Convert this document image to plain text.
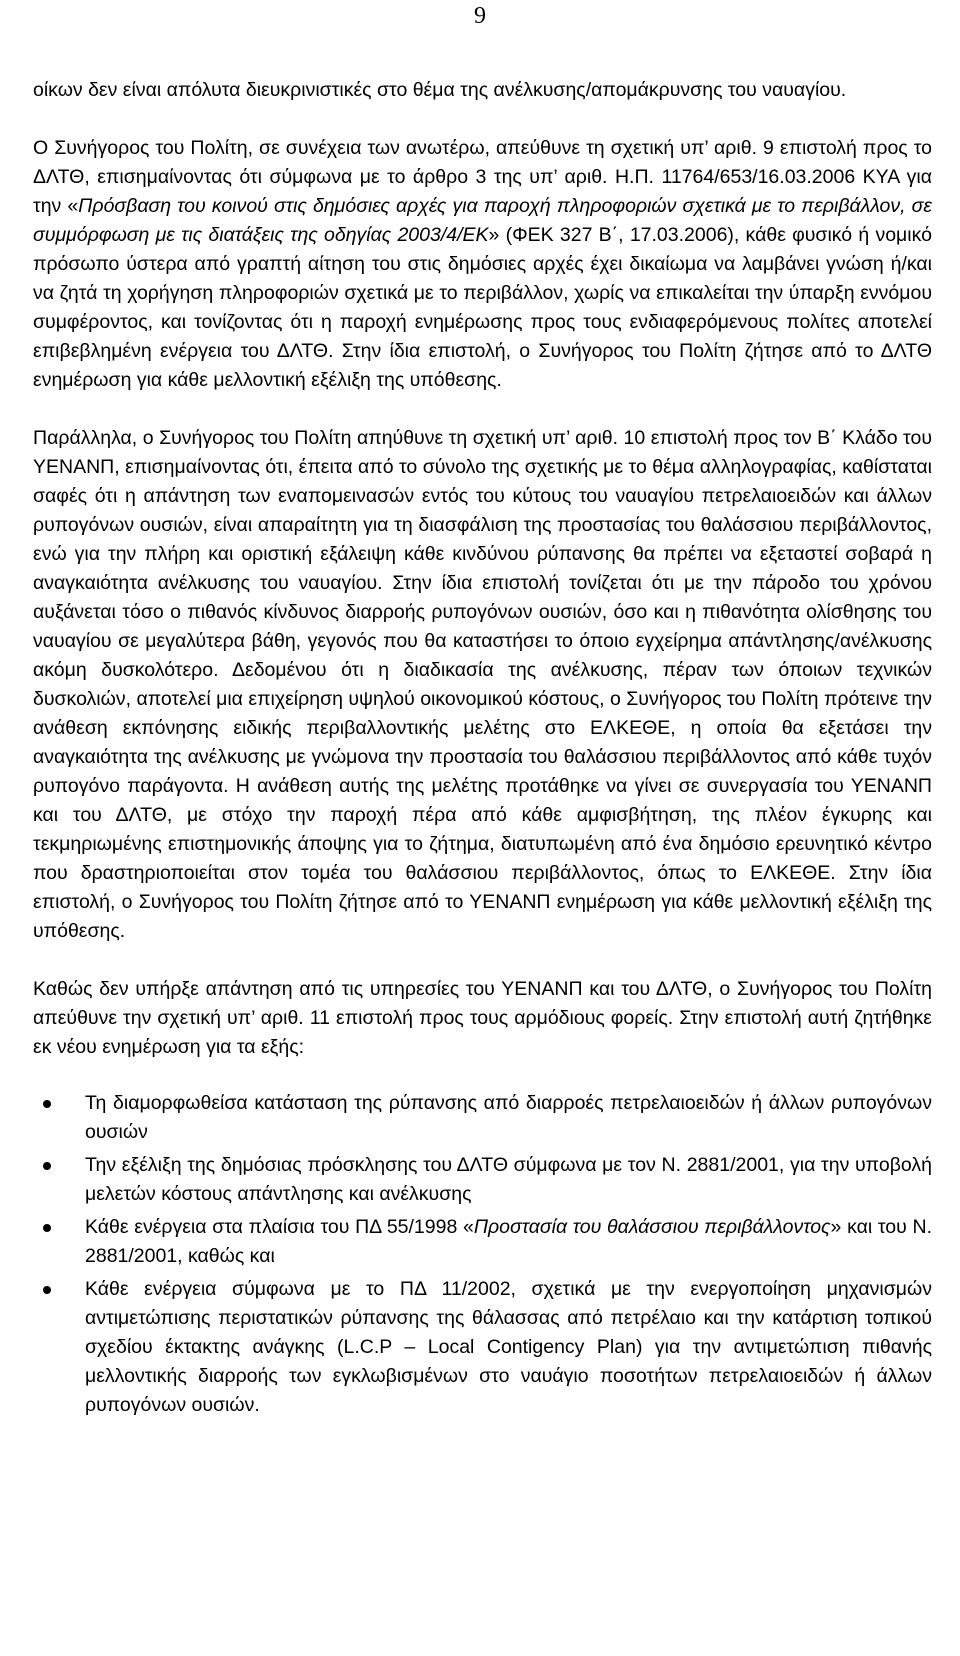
9

οίκων δεν είναι απόλυτα διευκρινιστικές στο θέμα της ανέλκυσης/απομάκρυνσης του ναυαγίου.

Ο Συνήγορος του Πολίτη, σε συνέχεια των ανωτέρω, απεύθυνε τη σχετική υπ’ αριθ. 9 επιστολή προς το ΔΛΤΘ, επισημαίνοντας ότι σύμφωνα με το άρθρο 3 της υπ’ αριθ. Η.Π. 11764/653/16.03.2006 ΚΥΑ για την «Πρόσβαση του κοινού στις δημόσιες αρχές για παροχή πληροφοριών σχετικά με το περιβάλλον, σε συμμόρφωση με τις διατάξεις της οδηγίας 2003/4/ΕΚ» (ΦΕΚ 327 Β΄, 17.03.2006), κάθε φυσικό ή νομικό πρόσωπο ύστερα από γραπτή αίτηση του στις δημόσιες αρχές έχει δικαίωμα να λαμβάνει γνώση ή/και να ζητά τη χορήγηση πληροφοριών σχετικά με το περιβάλλον, χωρίς να επικαλείται την ύπαρξη εννόμου συμφέροντος, και τονίζοντας ότι η παροχή ενημέρωσης προς τους ενδιαφερόμενους πολίτες αποτελεί επιβεβλημένη ενέργεια του ΔΛΤΘ. Στην ίδια επιστολή, ο Συνήγορος του Πολίτη ζήτησε από το ΔΛΤΘ ενημέρωση για κάθε μελλοντική εξέλιξη της υπόθεσης.

Παράλληλα, ο Συνήγορος του Πολίτη απηύθυνε τη σχετική υπ’ αριθ. 10 επιστολή προς τον Β΄ Κλάδο του ΥΕΝΑΝΠ, επισημαίνοντας ότι, έπειτα από το σύνολο της σχετικής με το θέμα αλληλογραφίας, καθίσταται σαφές ότι η απάντηση των εναπομεινασών εντός του κύτους του ναυαγίου πετρελαιοειδών και άλλων ρυπογόνων ουσιών, είναι απαραίτητη για τη διασφάλιση της προστασίας του θαλάσσιου περιβάλλοντος, ενώ για την πλήρη και οριστική εξάλειψη κάθε κινδύνου ρύπανσης θα πρέπει να εξεταστεί σοβαρά η αναγκαιότητα ανέλκυσης του ναυαγίου. Στην ίδια επιστολή τονίζεται ότι με την πάροδο του χρόνου αυξάνεται τόσο ο πιθανός κίνδυνος διαρροής ρυπογόνων ουσιών, όσο και η πιθανότητα ολίσθησης του ναυαγίου σε μεγαλύτερα βάθη, γεγονός που θα καταστήσει το όποιο εγχείρημα απάντλησης/ανέλκυσης ακόμη δυσκολότερο. Δεδομένου ότι η διαδικασία της ανέλκυσης, πέραν των όποιων τεχνικών δυσκολιών, αποτελεί μια επιχείρηση υψηλού οικονομικού κόστους, ο Συνήγορος του Πολίτη πρότεινε την ανάθεση εκπόνησης ειδικής περιβαλλοντικής μελέτης στο ΕΛΚΕΘΕ, η οποία θα εξετάσει την αναγκαιότητα της ανέλκυσης με γνώμονα την προστασία του θαλάσσιου περιβάλλοντος από κάθε τυχόν ρυπογόνο παράγοντα. Η ανάθεση αυτής της μελέτης προτάθηκε να γίνει σε συνεργασία του ΥΕΝΑΝΠ και του ΔΛΤΘ, με στόχο την παροχή πέρα από κάθε αμφισβήτηση, της πλέον έγκυρης και τεκμηριωμένης επιστημονικής άποψης για το ζήτημα, διατυπωμένη από ένα δημόσιο ερευνητικό κέντρο που δραστηριοποιείται στον τομέα του θαλάσσιου περιβάλλοντος, όπως το ΕΛΚΕΘΕ. Στην ίδια επιστολή, ο Συνήγορος του Πολίτη ζήτησε από το ΥΕΝΑΝΠ ενημέρωση για κάθε μελλοντική εξέλιξη της υπόθεσης.

Καθώς δεν υπήρξε απάντηση από τις υπηρεσίες του ΥΕΝΑΝΠ και του ΔΛΤΘ, ο Συνήγορος του Πολίτη απεύθυνε την σχετική υπ’ αριθ. 11 επιστολή προς τους αρμόδιους φορείς. Στην επιστολή αυτή ζητήθηκε εκ νέου ενημέρωση για τα εξής:

Τη διαμορφωθείσα κατάσταση της ρύπανσης από διαρροές πετρελαιοειδών ή άλλων ρυπογόνων ουσιών
Την εξέλιξη της δημόσιας πρόσκλησης του ΔΛΤΘ σύμφωνα με τον Ν. 2881/2001, για την υποβολή μελετών κόστους απάντλησης και ανέλκυσης
Κάθε ενέργεια στα πλαίσια του ΠΔ 55/1998 «Προστασία του θαλάσσιου περιβάλλοντος» και του Ν. 2881/2001, καθώς και
Κάθε ενέργεια σύμφωνα με το ΠΔ 11/2002, σχετικά με την ενεργοποίηση μηχανισμών αντιμετώπισης περιστατικών ρύπανσης της θάλασσας από πετρέλαιο και την κατάρτιση τοπικού σχεδίου έκτακτης ανάγκης (L.C.P – Local Contigency Plan) για την αντιμετώπιση πιθανής μελλοντικής διαρροής των εγκλωβισμένων στο ναυάγιο ποσοτήτων πετρελαιοειδών ή άλλων ρυπογόνων ουσιών.
